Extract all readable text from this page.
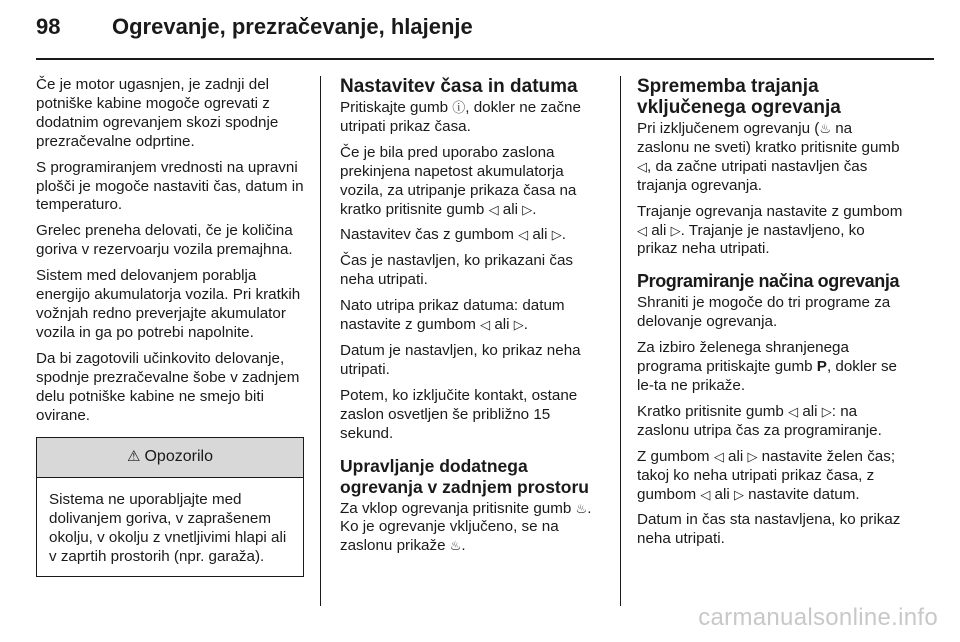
98 Ogrevanje, prezračevanje, hlajenje

Če je motor ugasnjen, je zadnji del potniške kabine mogoče ogrevati z dodatnim ogrevanjem skozi spodnje prezračevalne odprtine.

S programiranjem vrednosti na upravni plošči je mogoče nastaviti čas, datum in temperaturo.

Grelec preneha delovati, če je količina goriva v rezervoarju vozila premajhna.

Sistem med delovanjem porablja energijo akumulatorja vozila. Pri kratkih vožnjah redno preverjajte akumulator vozila in ga po potrebi napolnite.

Da bi zagotovili učinkovito delovanje, spodnje prezračevalne šobe v zadnjem delu potniške kabine ne smejo biti ovirane.

⚠ Opozorilo
Sistema ne uporabljajte med dolivanjem goriva, v zaprašenem okolju, v okolju z vnetljivimi hlapi ali v zaprtih prostorih (npr. garaža).
Nastavitev časa in datuma

Pritiskajte gumb ⓘ, dokler ne začne utripati prikaz časa.

Če je bila pred uporabo zaslona prekinjena napetost akumulatorja vozila, za utripanje prikaza časa na kratko pritisnite gumb ◁ ali ▷.

Nastavitev čas z gumbom ◁ ali ▷.

Čas je nastavljen, ko prikazani čas neha utripati.

Nato utripa prikaz datuma: datum nastavite z gumbom ◁ ali ▷.

Datum je nastavljen, ko prikaz neha utripati.

Potem, ko izključite kontakt, ostane zaslon osvetljen še približno 15 sekund.

Upravljanje dodatnega ogrevanja v zadnjem prostoru

Za vklop ogrevanja pritisnite gumb ♨. Ko je ogrevanje vključeno, se na zaslonu prikaže ♨.

Sprememba trajanja vključenega ogrevanja

Pri izključenem ogrevanju (♨ na zaslonu ne sveti) kratko pritisnite gumb ◁, da začne utripati nastavljen čas trajanja ogrevanja.

Trajanje ogrevanja nastavite z gumbom ◁ ali ▷. Trajanje je nastavljeno, ko prikaz neha utripati.

Programiranje načina ogrevanja

Shraniti je mogoče do tri programe za delovanje ogrevanja.

Za izbiro želenega shranjenega programa pritiskajte gumb P, dokler se le-ta ne prikaže.

Kratko pritisnite gumb ◁ ali ▷: na zaslonu utripa čas za programiranje.

Z gumbom ◁ ali ▷ nastavite želen čas; takoj ko neha utripati prikaz časa, z gumbom ◁ ali ▷ nastavite datum.

Datum in čas sta nastavljena, ko prikaz neha utripati.

carmanualsonline.info
